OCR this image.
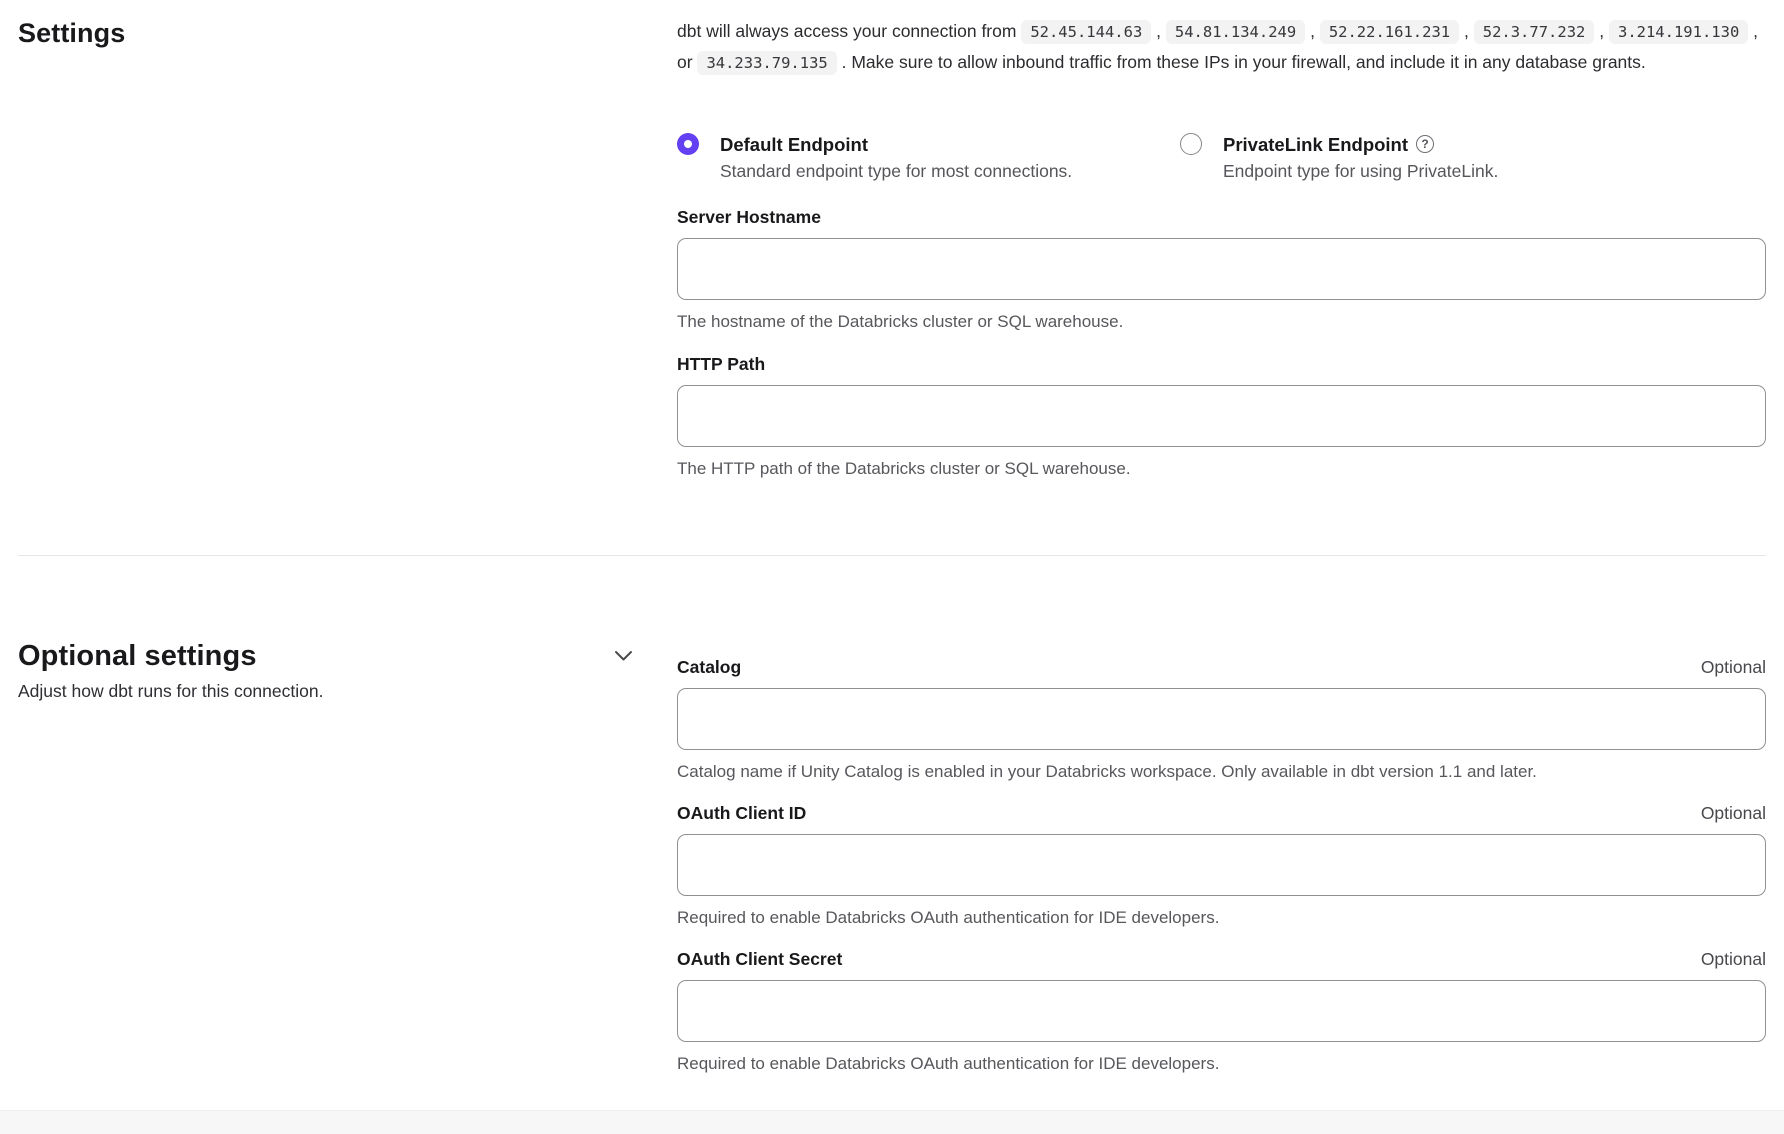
Settings	dbt will always access your connection from 52.45.144.63 , 54.81.134.249 , 52.22.161.231 , 52.3.77.232 , 3.214.191.130 , or 34.233.79.135 . Make sure to allow inbound traffic from these IPs in your firewall, and include it in any database grants.

Default Endpoint
Standard endpoint type for most connections.
PrivateLink Endpoint	?
Endpoint type for using PrivateLink.
Server Hostname
The hostname of the Databricks cluster or SQL warehouse.
HTTP Path
The HTTP path of the Databricks cluster or SQL warehouse.
Optional settings

Adjust how dbt runs for this connection.

Catalog	Optional
Catalog name if Unity Catalog is enabled in your Databricks workspace. Only available in dbt version 1.1 and later.
OAuth Client ID	Optional
Required to enable Databricks OAuth authentication for IDE developers.
OAuth Client Secret	Optional
Required to enable Databricks OAuth authentication for IDE developers.
